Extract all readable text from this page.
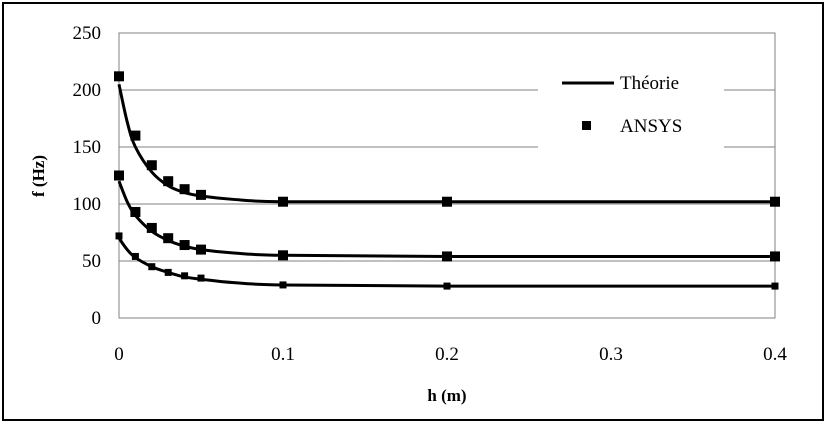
0
50
100
150
200
250
0	0.1	0.2	0.3	0.4
h (m)
f (Hz)
Théorie
ANSYS
